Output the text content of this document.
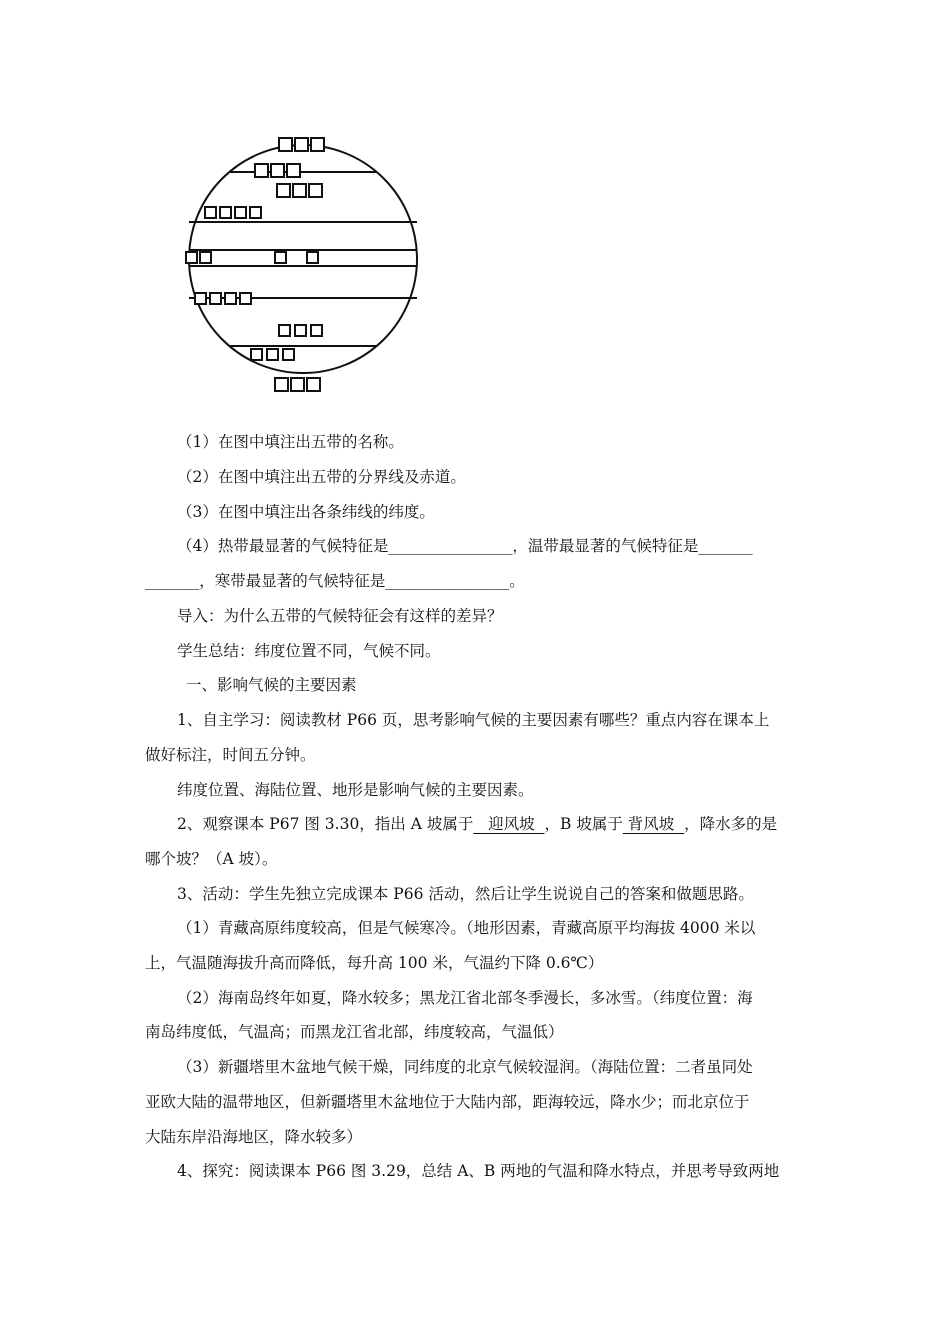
（1）在图中填注出五带的名称。
（2）在图中填注出五带的分界线及赤道。
（3）在图中填注出各条纬线的纬度。
（4）热带最显著的气候特征是________________，温带最显著的气候特征是_______
_______，寒带最显著的气候特征是________________。
导入：为什么五带的气候特征会有这样的差异？
学生总结：纬度位置不同，气候不同。
一、影响气候的主要因素
1、自主学习：阅读教材 P66 页，思考影响气候的主要因素有哪些？重点内容在课本上
做好标注，时间五分钟。
纬度位置、海陆位置、地形是影响气候的主要因素。
2、观察课本 P67 图 3.30，指出 A 坡属于   迎风坡  ，B 坡属于 背风坡  ，降水多的是
哪个坡？（A 坡）。
3、活动：学生先独立完成课本 P66 活动，然后让学生说说自己的答案和做题思路。
（1）青藏高原纬度较高，但是气候寒冷。（地形因素，青藏高原平均海拔 4000 米以
上，气温随海拔升高而降低，每升高 100 米，气温约下降 0.6℃）
（2）海南岛终年如夏，降水较多；黑龙江省北部冬季漫长，多冰雪。（纬度位置：海
南岛纬度低，气温高；而黑龙江省北部，纬度较高，气温低）
（3）新疆塔里木盆地气候干燥，同纬度的北京气候较湿润。（海陆位置：二者虽同处
亚欧大陆的温带地区，但新疆塔里木盆地位于大陆内部，距海较远，降水少；而北京位于
大陆东岸沿海地区，降水较多）
4、探究：阅读课本 P66 图 3.29，总结 A、B 两地的气温和降水特点，并思考导致两地
